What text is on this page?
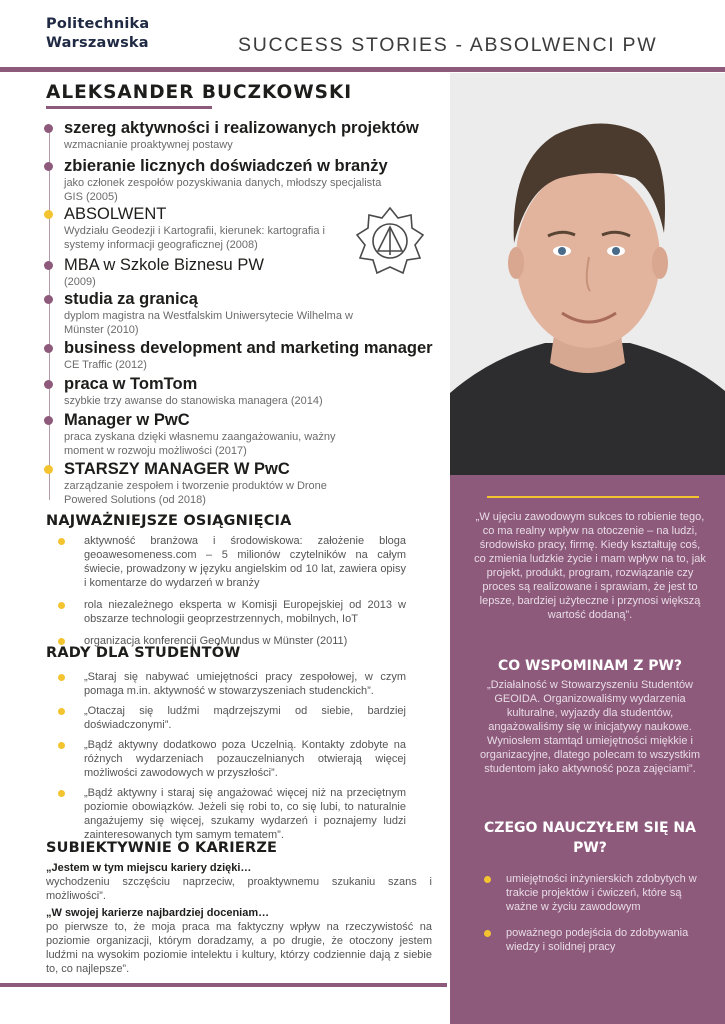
Politechnika
Warszawska	SUCCESS STORIES - ABSOLWENCI PW
ALEKSANDER BUCZKOWSKI
szereg aktywności i realizowanych projektów
wzmacnianie proaktywnej postawy
zbieranie licznych doświadczeń w branży
jako członek zespołów pozyskiwania danych, młodszy specjalista GIS (2005)
ABSOLWENT
Wydziału Geodezji i Kartografii, kierunek: kartografia i systemy informacji geograficznej (2008)
MBA w Szkole Biznesu PW
(2009)
studia za granicą
dyplom magistra na Westfalskim Uniwersytecie Wilhelma w Münster (2010)
business development and marketing manager
CE Traffic (2012)
praca w TomTom
szybkie trzy awanse do stanowiska managera (2014)
Manager w PwC
praca zyskana dzięki własnemu zaangażowaniu, ważny moment w rozwoju możliwości (2017)
STARSZY MANAGER W PwC
zarządzanie zespołem i tworzenie produktów w Drone Powered Solutions (od 2018)
NAJWAŻNIEJSZE OSIĄGNIĘCIA
aktywność branżowa i środowiskowa: założenie bloga geoawesomeness.com – 5 milionów czytelników na całym świecie, prowadzony w języku angielskim od 10 lat, zawiera opisy i komentarze do wydarzeń w branży
rola niezależnego eksperta w Komisji Europejskiej od 2013 w obszarze technologii geoprzestrzennych, mobilnych, IoT
organizacja konferencji GeoMundus w Münster (2011)
RADY DLA STUDENTÓW
„Staraj się nabywać umiejętności pracy zespołowej, w czym pomaga m.in. aktywność w stowarzyszeniach studenckich”.
„Otaczaj się ludźmi mądrzejszymi od siebie, bardziej doświadczonymi”.
„Bądź aktywny dodatkowo poza Uczelnią. Kontakty zdobyte na różnych wydarzeniach pozauczelnianych otwierają więcej możliwości zawodowych w przyszłości”.
„Bądź aktywny i staraj się angażować więcej niż na przeciętnym poziomie obowiązków. Jeżeli się robi to, co się lubi, to naturalnie angażujemy się więcej, szukamy wydarzeń i poznajemy ludzi zainteresowanych tym samym tematem”.
SUBIEKTYWNIE O KARIERZE
„Jestem w tym miejscu kariery dzięki…
wychodzeniu szczęściu naprzeciw, proaktywnemu szukaniu szans i możliwości”.
„W swojej karierze najbardziej doceniam…
po pierwsze to, że moja praca ma faktyczny wpływ na rzeczywistość na poziomie organizacji, którym doradzamy, a po drugie, że otoczony jestem ludźmi na wysokim poziomie intelektu i kultury, którzy codziennie dają z siebie to, co najlepsze”.
„W ujęciu zawodowym sukces to robienie tego, co ma realny wpływ na otoczenie – na ludzi, środowisko pracy, firmę. Kiedy kształtuję coś, co zmienia ludzkie życie i mam wpływ na to, jak projekt, produkt, program, rozwiązanie czy proces są realizowane i sprawiam, że jest to lepsze, bardziej użyteczne i przynosi większą wartość dodaną”.
CO WSPOMINAM Z PW?
„Działalność w Stowarzyszeniu Studentów GEOIDA. Organizowaliśmy wydarzenia kulturalne, wyjazdy dla studentów, angażowaliśmy się w inicjatywy naukowe. Wyniosłem stamtąd umiejętności miękkie i organizacyjne, dlatego polecam to wszystkim studentom jako aktywność poza zajęciami”.
CZEGO NAUCZYŁEM SIĘ NA PW?
umiejętności inżynierskich zdobytych w trakcie projektów i ćwiczeń, które są ważne w życiu zawodowym
poważnego podejścia do zdobywania wiedzy i solidnej pracy
